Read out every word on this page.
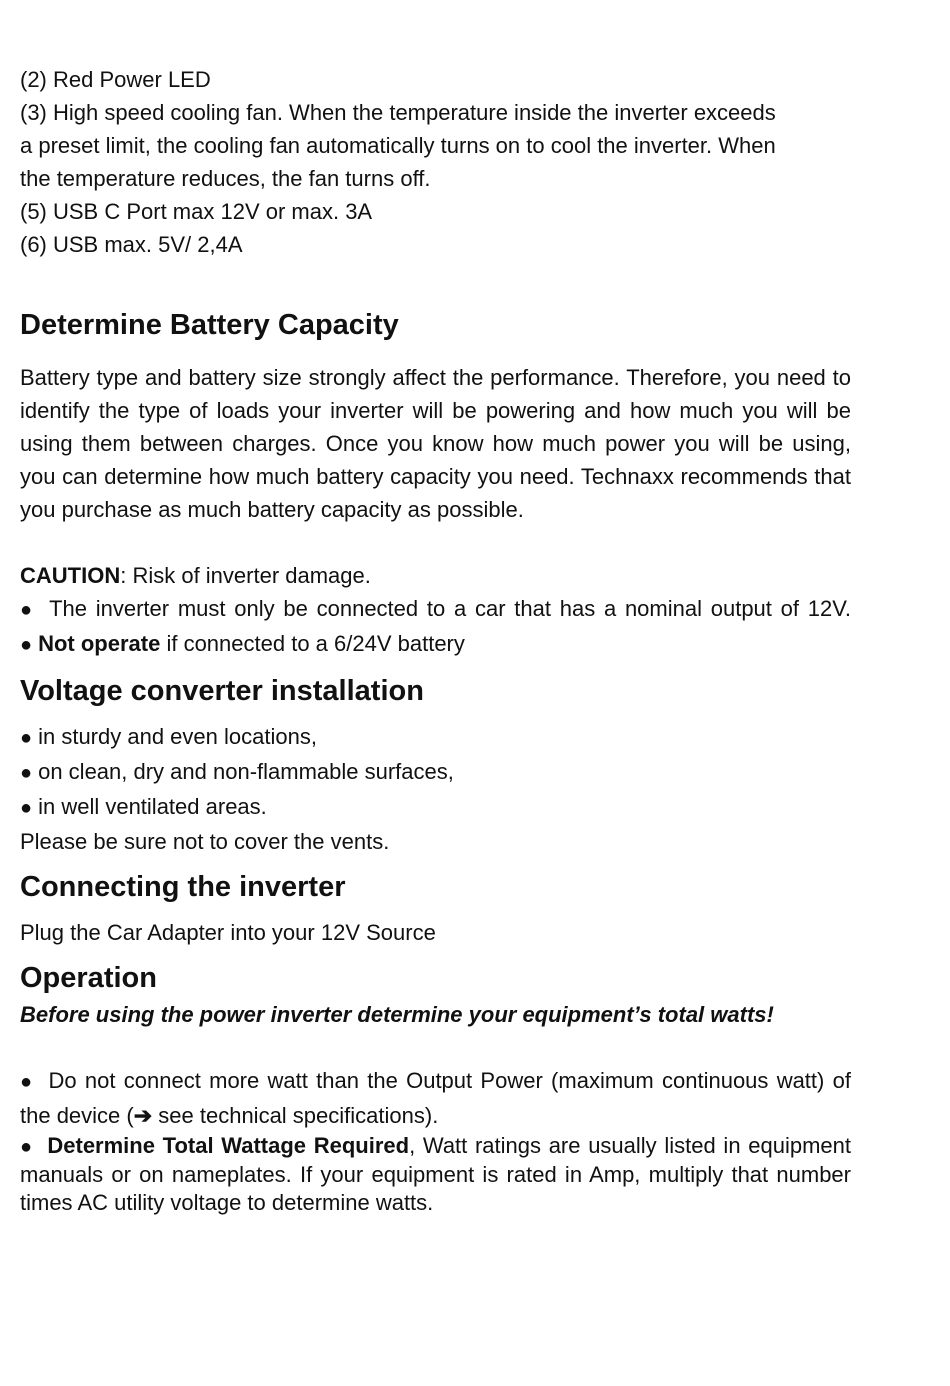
(2) Red Power LED

(3) High speed cooling fan. When the temperature inside the inverter exceeds

a preset limit, the cooling fan automatically turns on to cool the inverter. When

the temperature reduces, the fan turns off.

(5) USB C Port max 12V or max. 3A

(6) USB max. 5V/ 2,4A

Determine Battery Capacity

Battery type and battery size strongly affect the performance. Therefore, you need to identify the type of loads your inverter will be powering and how much you will be using them between charges. Once you know how much power you will be using, you can determine how much battery capacity you need. Technaxx recommends that you purchase as much battery capacity as possible.

CAUTION: Risk of inverter damage.

● The inverter must only be connected to a car that has a nominal output of 12V. ● Not operate if connected to a 6/24V battery

Voltage converter installation

● in sturdy and even locations,

● on clean, dry and non-flammable surfaces,

● in well ventilated areas.

Please be sure not to cover the vents.

Connecting the inverter

Plug the Car Adapter into your 12V Source

Operation

Before using the power inverter determine your equipment’s total watts!

● Do not connect more watt than the Output Power (maximum continuous watt) of the device (➔ see technical specifications).

● Determine Total Wattage Required, Watt ratings are usually listed in equipment manuals or on nameplates. If your equipment is rated in Amp, multiply that number times AC utility voltage to determine watts.
